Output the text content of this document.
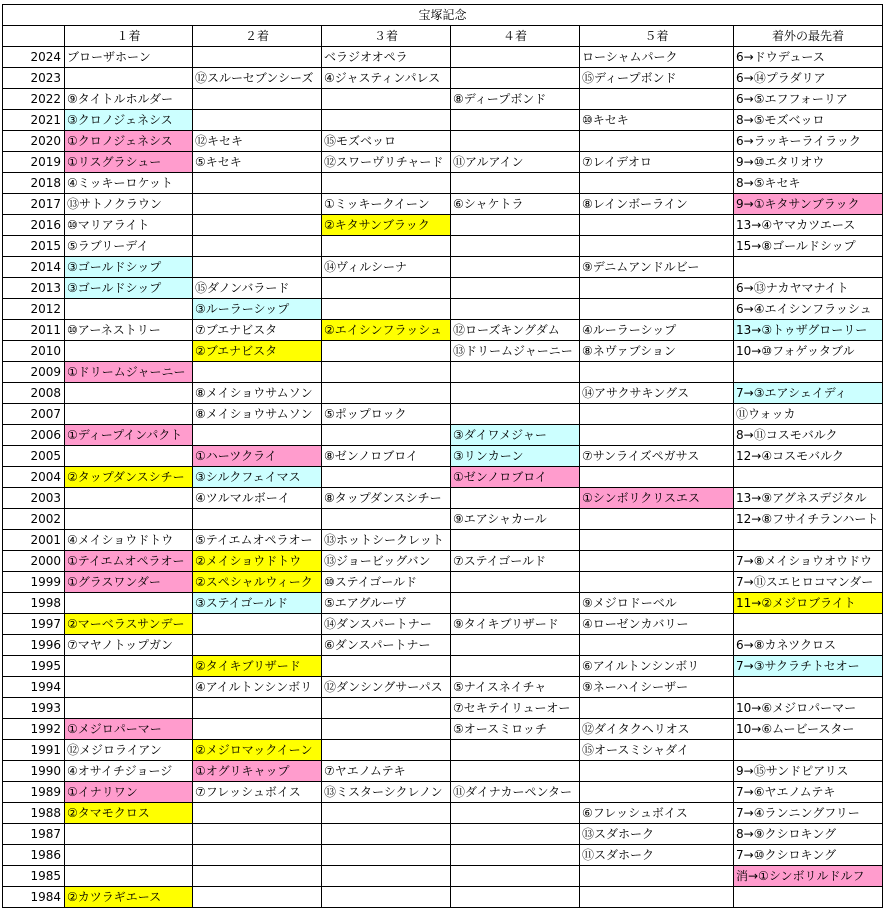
宝塚記念						
	１着	２着	３着	４着	５着	着外の最先着
2024	ブローザホーン		ベラジオオペラ		ローシャムパーク	6→ドウデュース
2023		⑫スルーセブンシーズ	④ジャスティンパレス		⑮ディープボンド	6→⑭プラダリア
2022	⑨タイトルホルダー			⑧ディープボンド		6→⑤エフフォーリア
2021	③クロノジェネシス				⑩キセキ	8→⑤モズベッロ
2020	①クロノジェネシス	⑫キセキ	⑮モズベッロ			6→ラッキーライラック
2019	①リスグラシュー	⑤キセキ	⑫スワーヴリチャード	⑪アルアイン	⑦レイデオロ	9→⑩エタリオウ
2018	④ミッキーロケット					8→⑤キセキ
2017	⑬サトノクラウン		①ミッキークイーン	⑥シャケトラ	⑧レインボーライン	9→①キタサンブラック
2016	⑩マリアライト		②キタサンブラック			13→④ヤマカツエース
2015	⑤ラブリーデイ					15→⑧ゴールドシップ
2014	③ゴールドシップ		⑭ヴィルシーナ		⑨デニムアンドルビー	
2013	③ゴールドシップ	⑮ダノンバラード				6→⑬ナカヤマナイト
2012		③ルーラーシップ				6→④エイシンフラッシュ
2011	⑩アーネストリー	⑦ブエナビスタ	②エイシンフラッシュ	⑫ローズキングダム	④ルーラーシップ	13→③トゥザグローリー
2010		②ブエナビスタ		⑬ドリームジャーニー	⑧ネヴァブション	10→⑩フォゲッタブル
2009	①ドリームジャーニー					
2008		⑧メイショウサムソン			⑭アサクサキングス	7→③エアシェイディ
2007		⑧メイショウサムソン	⑤ポップロック			⑪ウォッカ
2006	①ディープインパクト			③ダイワメジャー		8→⑪コスモバルク
2005		①ハーツクライ	⑧ゼンノロブロイ	③リンカーン	⑦サンライズペガサス	12→④コスモバルク
2004	②タップダンスシチー	③シルクフェイマス		①ゼンノロブロイ		
2003		④ツルマルボーイ	⑧タップダンスシチー		①シンボリクリスエス	13→⑨アグネスデジタル
2002				⑨エアシャカール		12→⑧フサイチランハート
2001	④メイショウドトウ	⑤テイエムオペラオー	⑬ホットシークレット			
2000	①テイエムオペラオー	②メイショウドトウ	⑬ジョービッグバン	⑦ステイゴールド		7→⑧メイショウオウドウ
1999	①グラスワンダー	②スペシャルウィーク	⑩ステイゴールド			7→⑪スエヒロコマンダー
1998		③ステイゴールド	⑤エアグルーヴ		⑨メジロドーベル	11→②メジロブライト
1997	②マーベラスサンデー		⑭ダンスパートナー	⑨タイキブリザード	④ローゼンカバリー	
1996	⑦マヤノトップガン		⑥ダンスパートナー			6→⑧カネツクロス
1995		②タイキブリザード			⑥アイルトンシンボリ	7→③サクラチトセオー
1994		④アイルトンシンボリ	⑫ダンシングサーパス	⑤ナイスネイチャ	⑨ネーハイシーザー	
1993				⑦セキテイリューオー		10→⑥メジロパーマー
1992	①メジロパーマー			⑤オースミロッチ	⑫ダイタクヘリオス	10→⑥ムービースター
1991	⑫メジロライアン	②メジロマックイーン			⑮オースミシャダイ	
1990	④オサイチジョージ	①オグリキャップ	⑦ヤエノムテキ			9→⑮サンドピアリス
1989	①イナリワン	⑦フレッシュボイス	⑬ミスターシクレノン	⑪ダイナカーペンター		7→⑥ヤエノムテキ
1988	②タマモクロス				⑥フレッシュボイス	7→④ランニングフリー
1987					⑬スダホーク	8→⑨クシロキング
1986					⑪スダホーク	7→⑩クシロキング
1985						消→①シンボリルドルフ
1984	②カツラギエース					
